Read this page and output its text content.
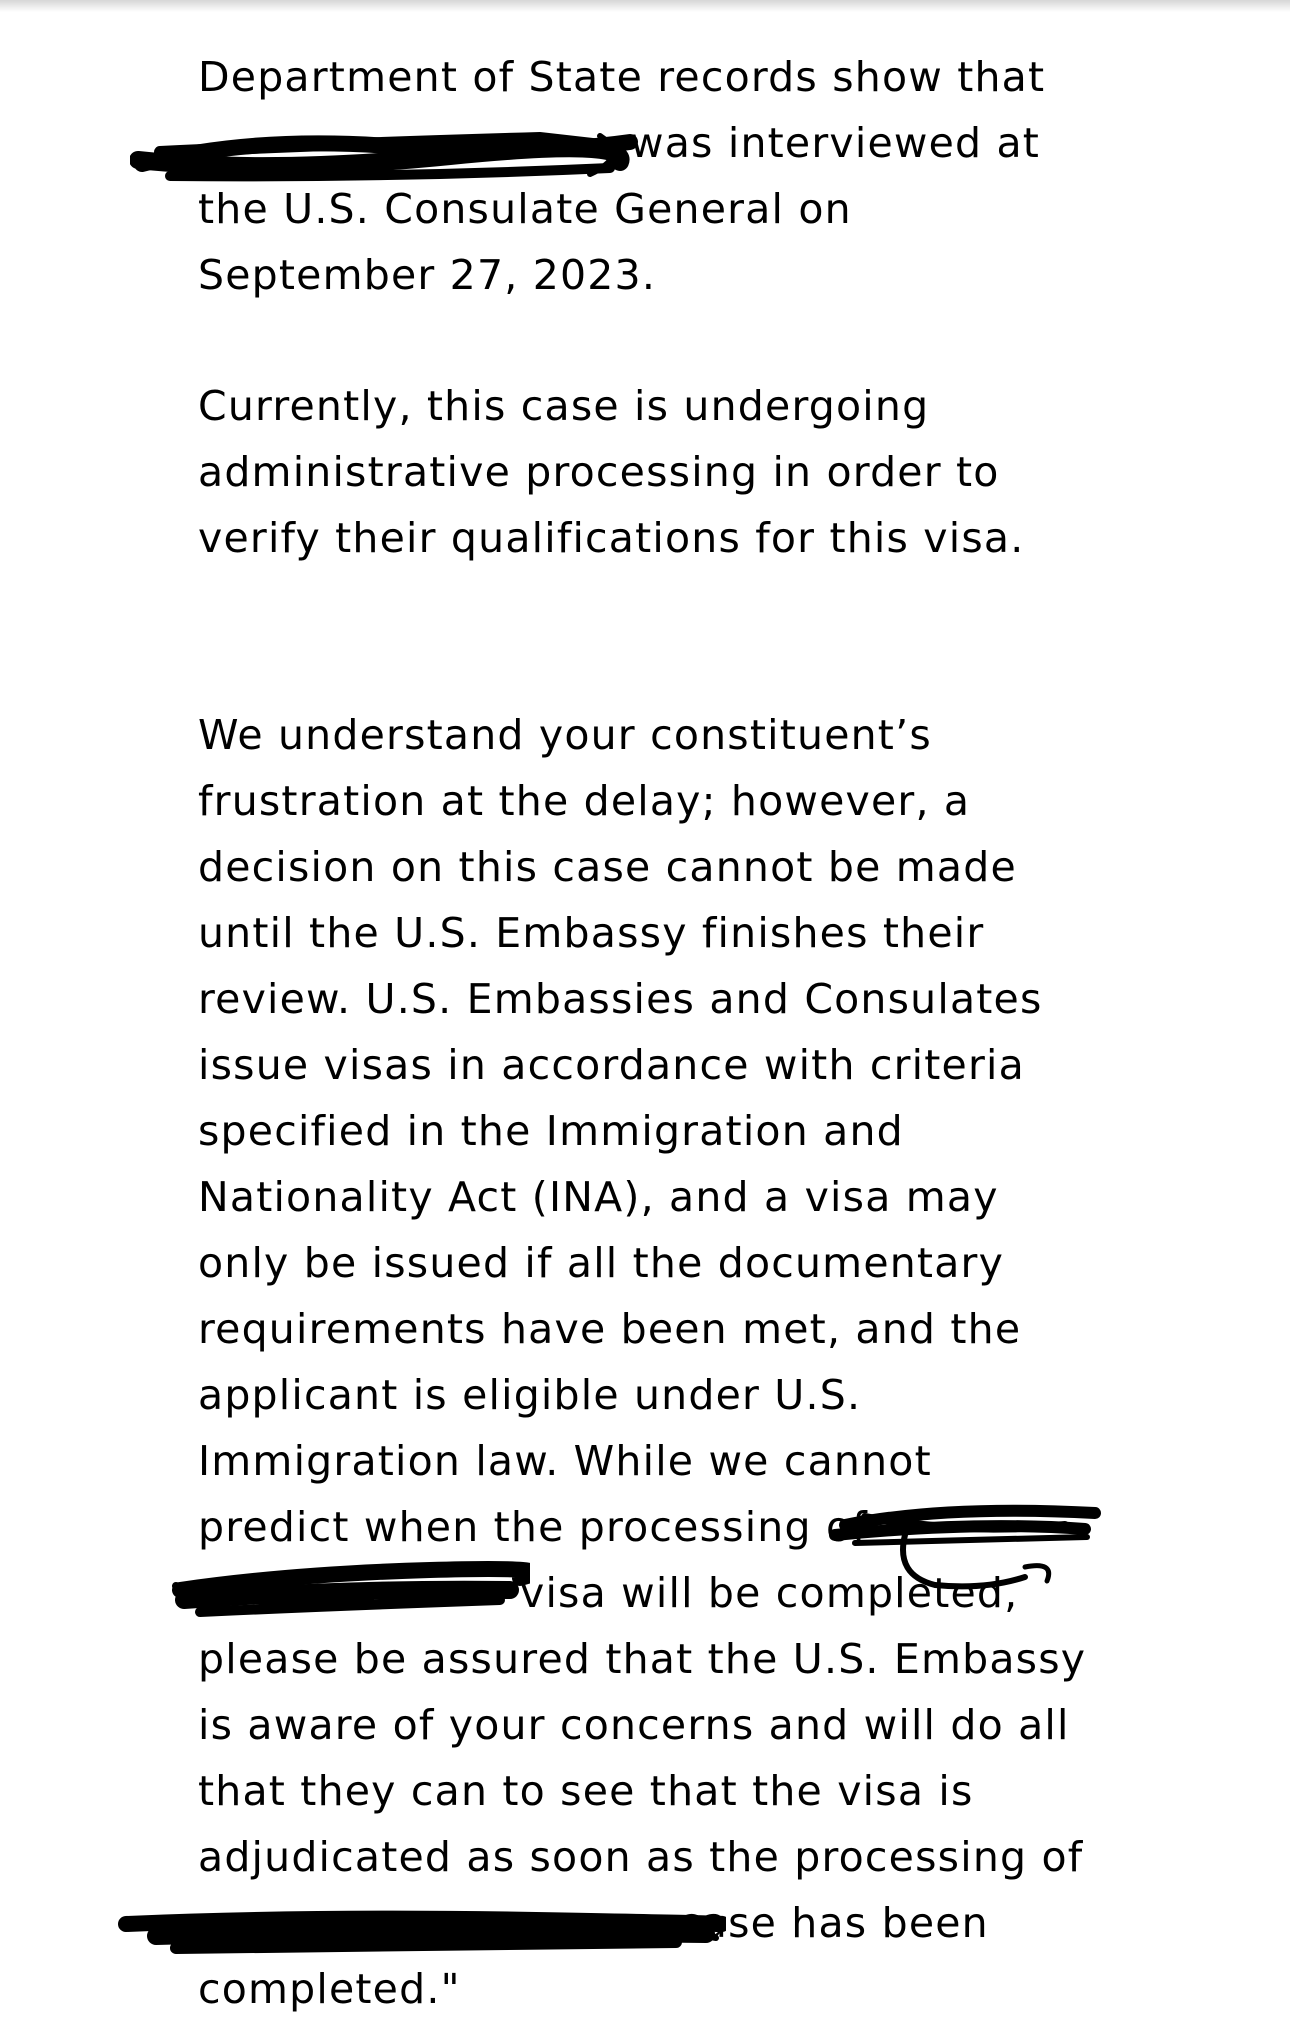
Department of State records show that
was interviewed at
the U.S. Consulate General on
September 27, 2023.
Currently, this case is undergoing
administrative processing in order to
verify their qualifications for this visa.
We understand your constituent’s
frustration at the delay; however, a
decision on this case cannot be made
until the U.S. Embassy finishes their
review. U.S. Embassies and Consulates
issue visas in accordance with criteria
specified in the Immigration and
Nationality Act (INA), and a visa may
only be issued if all the documentary
requirements have been met, and the
applicant is eligible under U.S.
Immigration law. While we cannot
predict when the processing of
visa will be completed,
please be assured that the U.S. Embassy
is aware of your concerns and will do all
that they can to see that the visa is
adjudicated as soon as the processing of
case has been
completed."
